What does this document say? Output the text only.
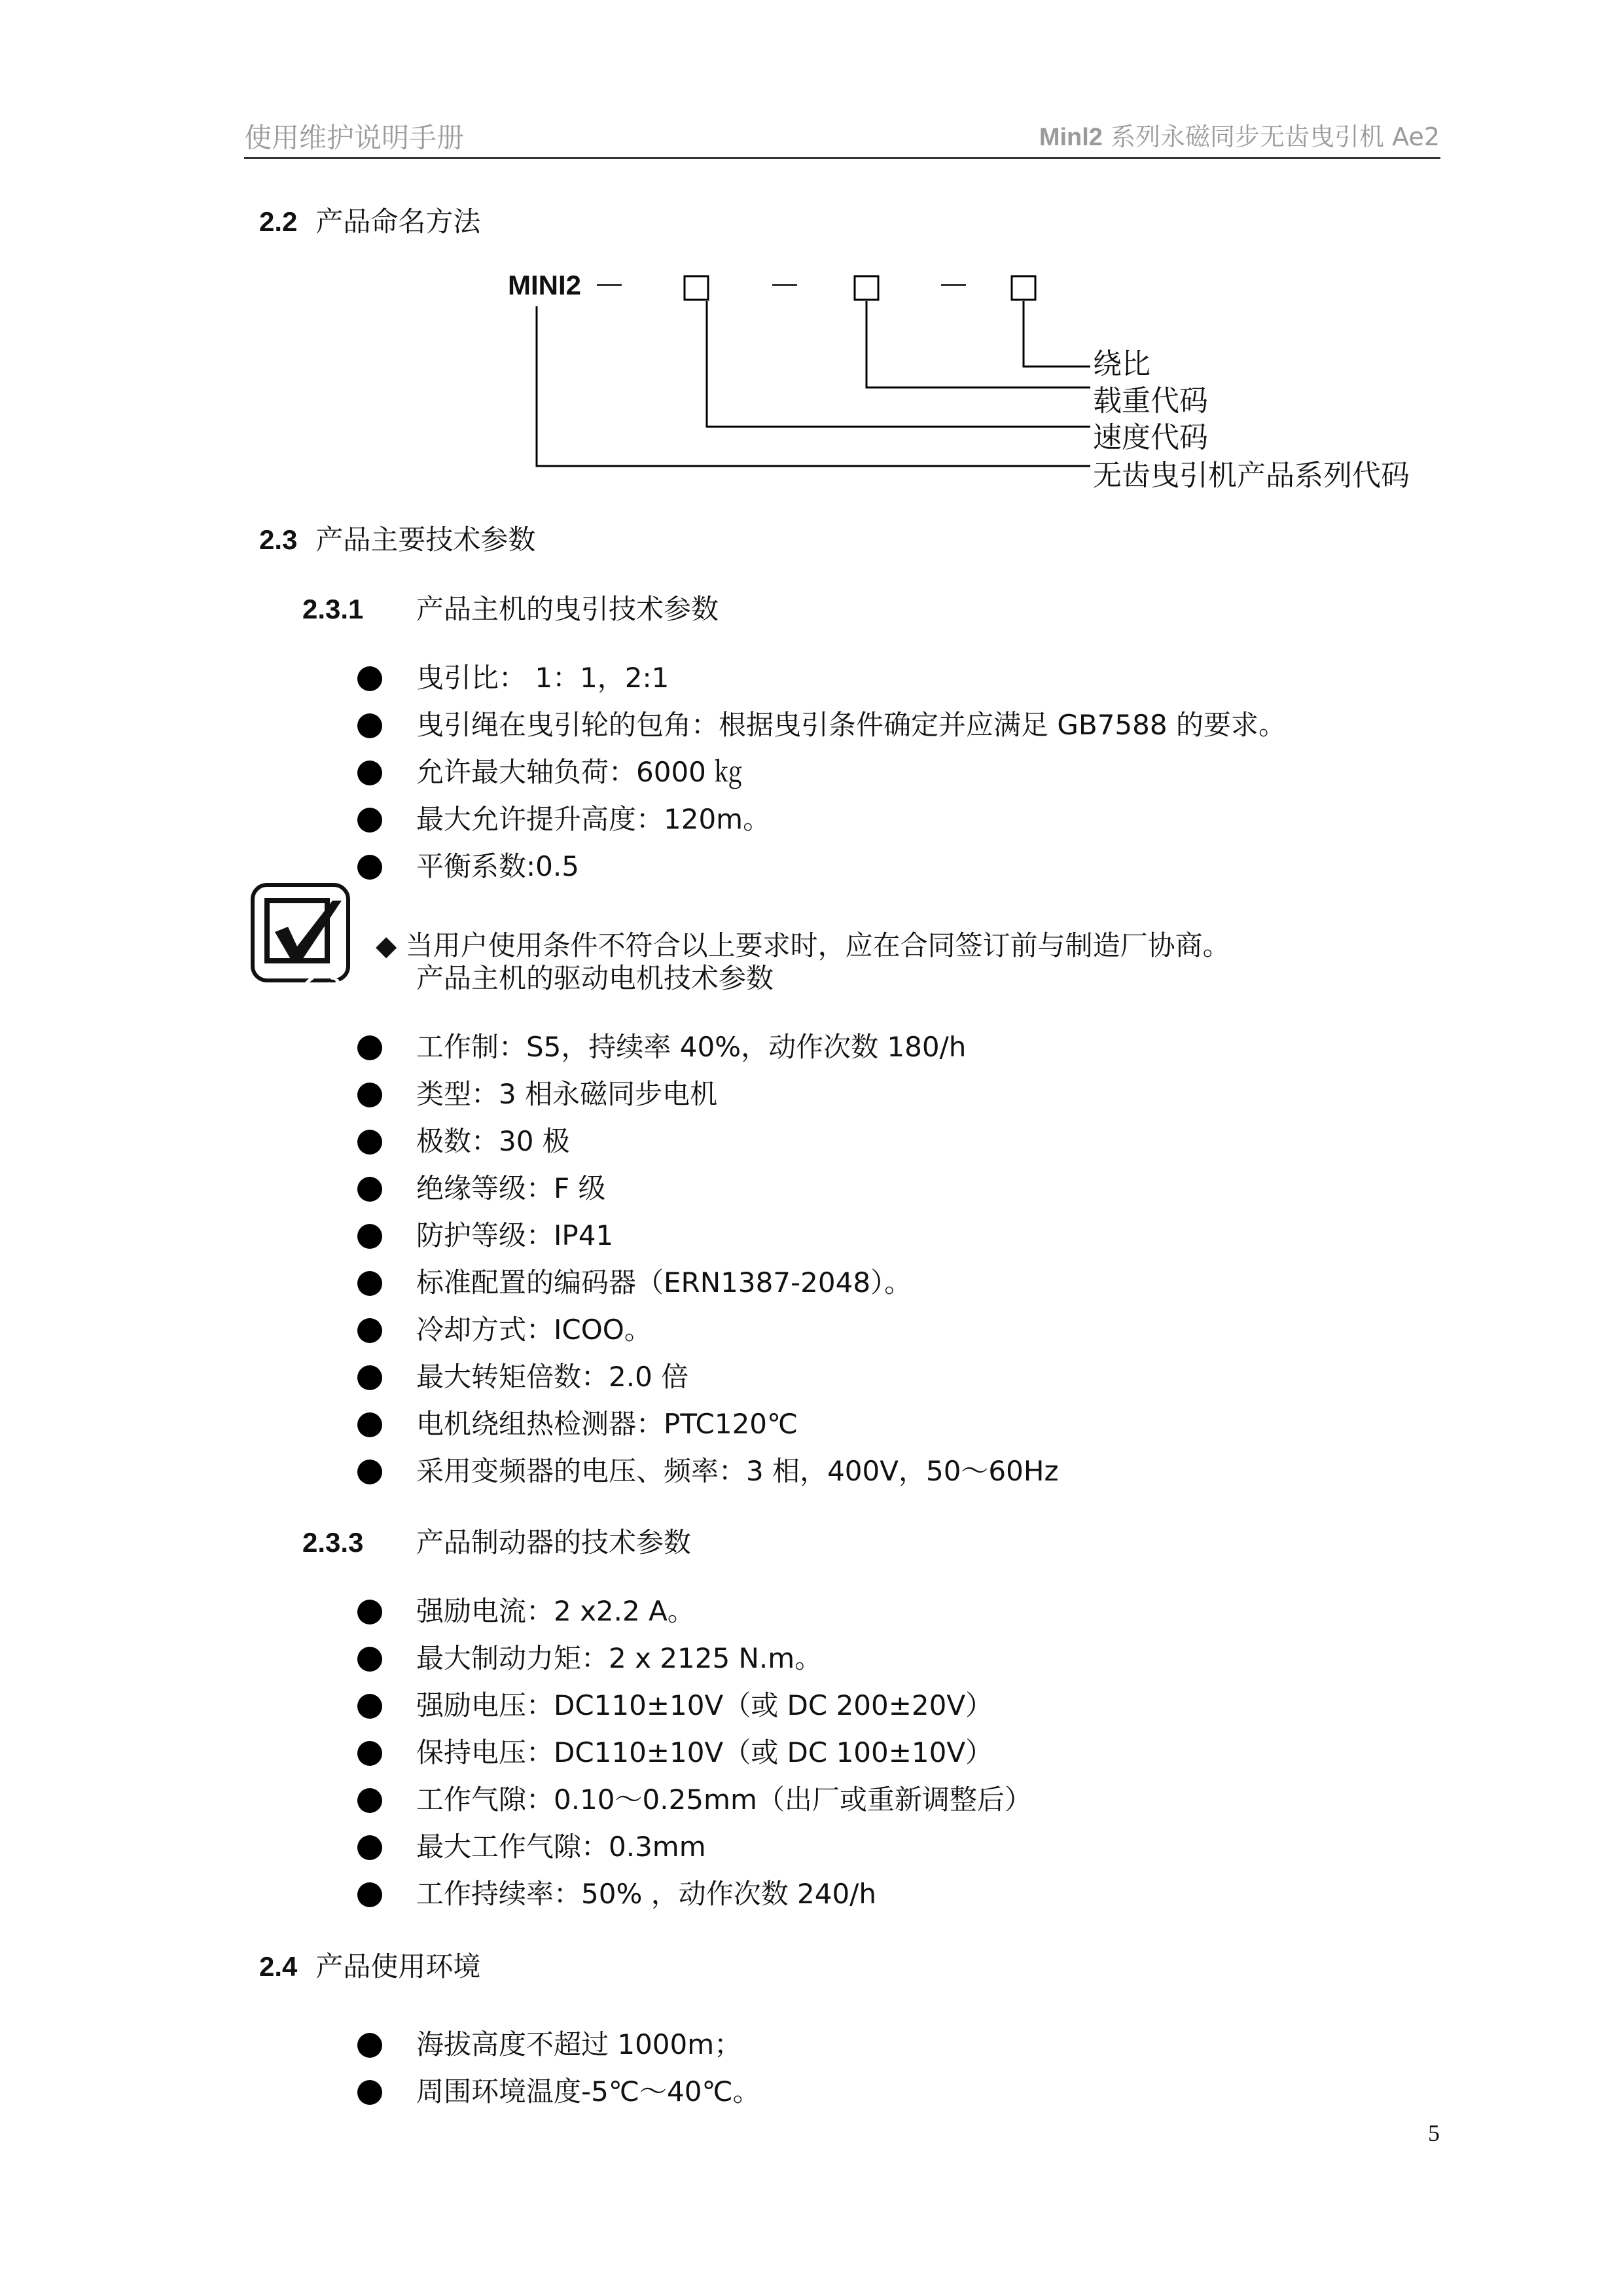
使用维护说明手册	Minl2 系列永磁同步无齿曳引机 Ae2
2.2 产品命名方法
MINI2 —	—	—
绕比
载重代码
速度代码
无齿曳引机产品系列代码
2.3 产品主要技术参数
2.3.1 产品主机的曳引技术参数
曳引比： 1：1，2:1
曳引绳在曳引轮的包角：根据曳引条件确定并应满足 GB7588 的要求。
允许最大轴负荷：6000 ㎏
最大允许提升高度：120m。
平衡系数:0.5
◆ 当用户使用条件不符合以上要求时，应在合同签订前与制造厂协商。
2.3.2 产品主机的驱动电机技术参数
工作制：S5，持续率 40%，动作次数 180/h
类型：3 相永磁同步电机
极数：30 极
绝缘等级：F 级
防护等级：IP41
标准配置的编码器（ERN1387-2048）。
冷却方式：ICOO。
最大转矩倍数：2.0 倍
电机绕组热检测器：PTC120℃
采用变频器的电压、频率：3 相，400V，50～60Hz
2.3.3 产品制动器的技术参数
强励电流：2 x2.2 A。
最大制动力矩：2 x 2125 N.m。
强励电压：DC110±10V（或 DC 200±20V）
保持电压：DC110±10V（或 DC 100±10V）
工作气隙：0.10～0.25mm（出厂或重新调整后）
最大工作气隙：0.3mm
工作持续率：50% ，动作次数 240/h
2.4 产品使用环境
海拔高度不超过 1000m；
周围环境温度-5℃～40℃。
5
